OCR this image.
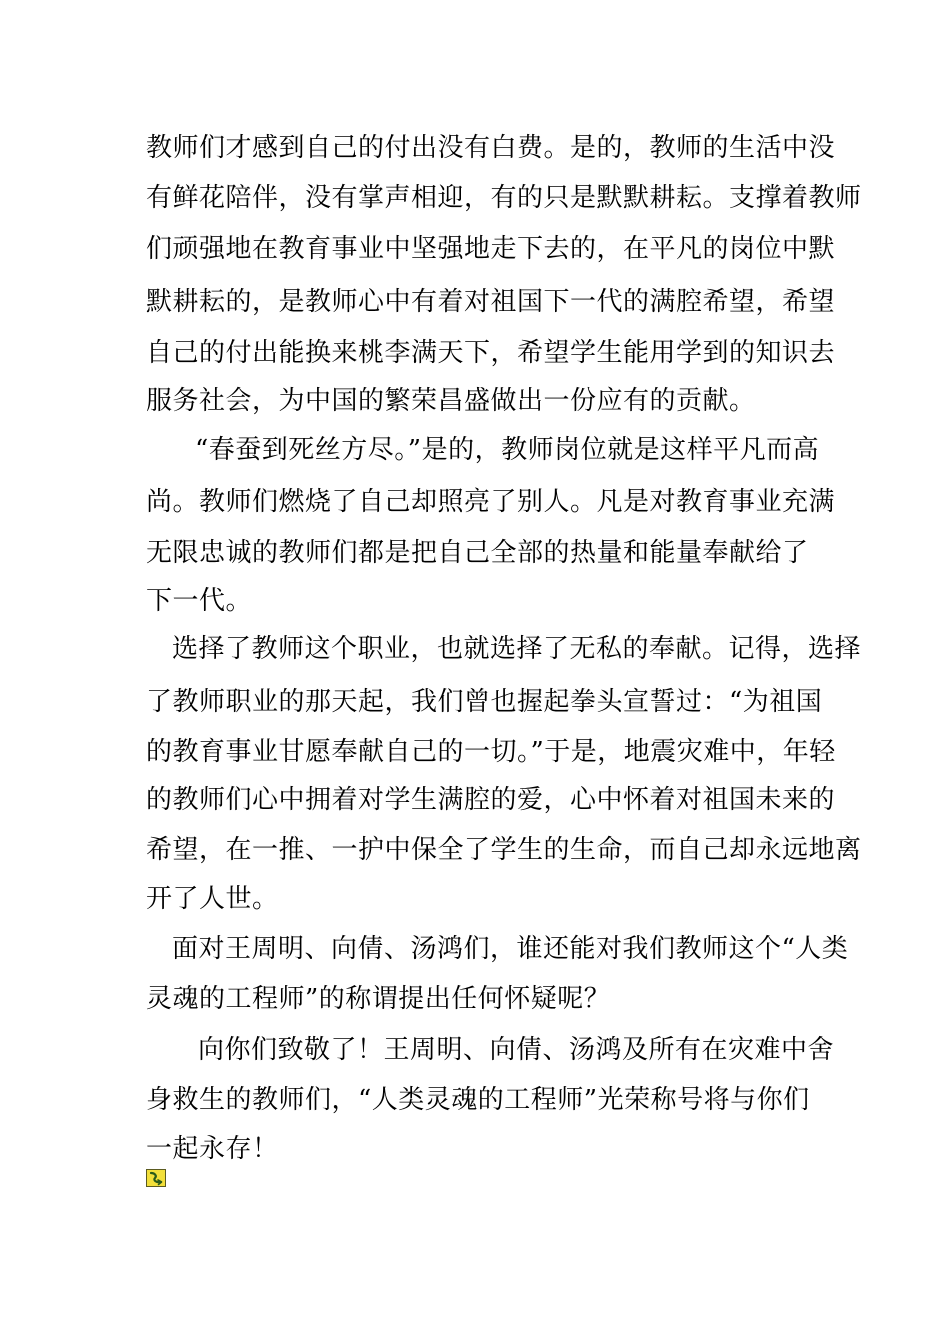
教师们才感到自己的付出没有白费。是的，教师的生活中没
有鲜花陪伴，没有掌声相迎，有的只是默默耕耘。支撑着教师
们顽强地在教育事业中坚强地走下去的，在平凡的岗位中默
默耕耘的，是教师心中有着对祖国下一代的满腔希望，希望
自己的付出能换来桃李满天下，希望学生能用学到的知识去
服务社会，为中国的繁荣昌盛做出一份应有的贡献。
“春蚕到死丝方尽。”是的，教师岗位就是这样平凡而高
尚。教师们燃烧了自己却照亮了别人。凡是对教育事业充满
无限忠诚的教师们都是把自己全部的热量和能量奉献给了
下一代。
选择了教师这个职业，也就选择了无私的奉献。记得，选择
了教师职业的那天起，我们曾也握起拳头宣誓过：“为祖国
的教育事业甘愿奉献自己的一切。”于是，地震灾难中，年轻
的教师们心中拥着对学生满腔的爱，心中怀着对祖国未来的
希望，在一推、一护中保全了学生的生命，而自己却永远地离
开了人世。
面对王周明、向倩、汤鸿们，谁还能对我们教师这个“人类
灵魂的工程师”的称谓提出任何怀疑呢？
向你们致敬了！王周明、向倩、汤鸿及所有在灾难中舍
身救生的教师们，“人类灵魂的工程师”光荣称号将与你们
一起永存！
